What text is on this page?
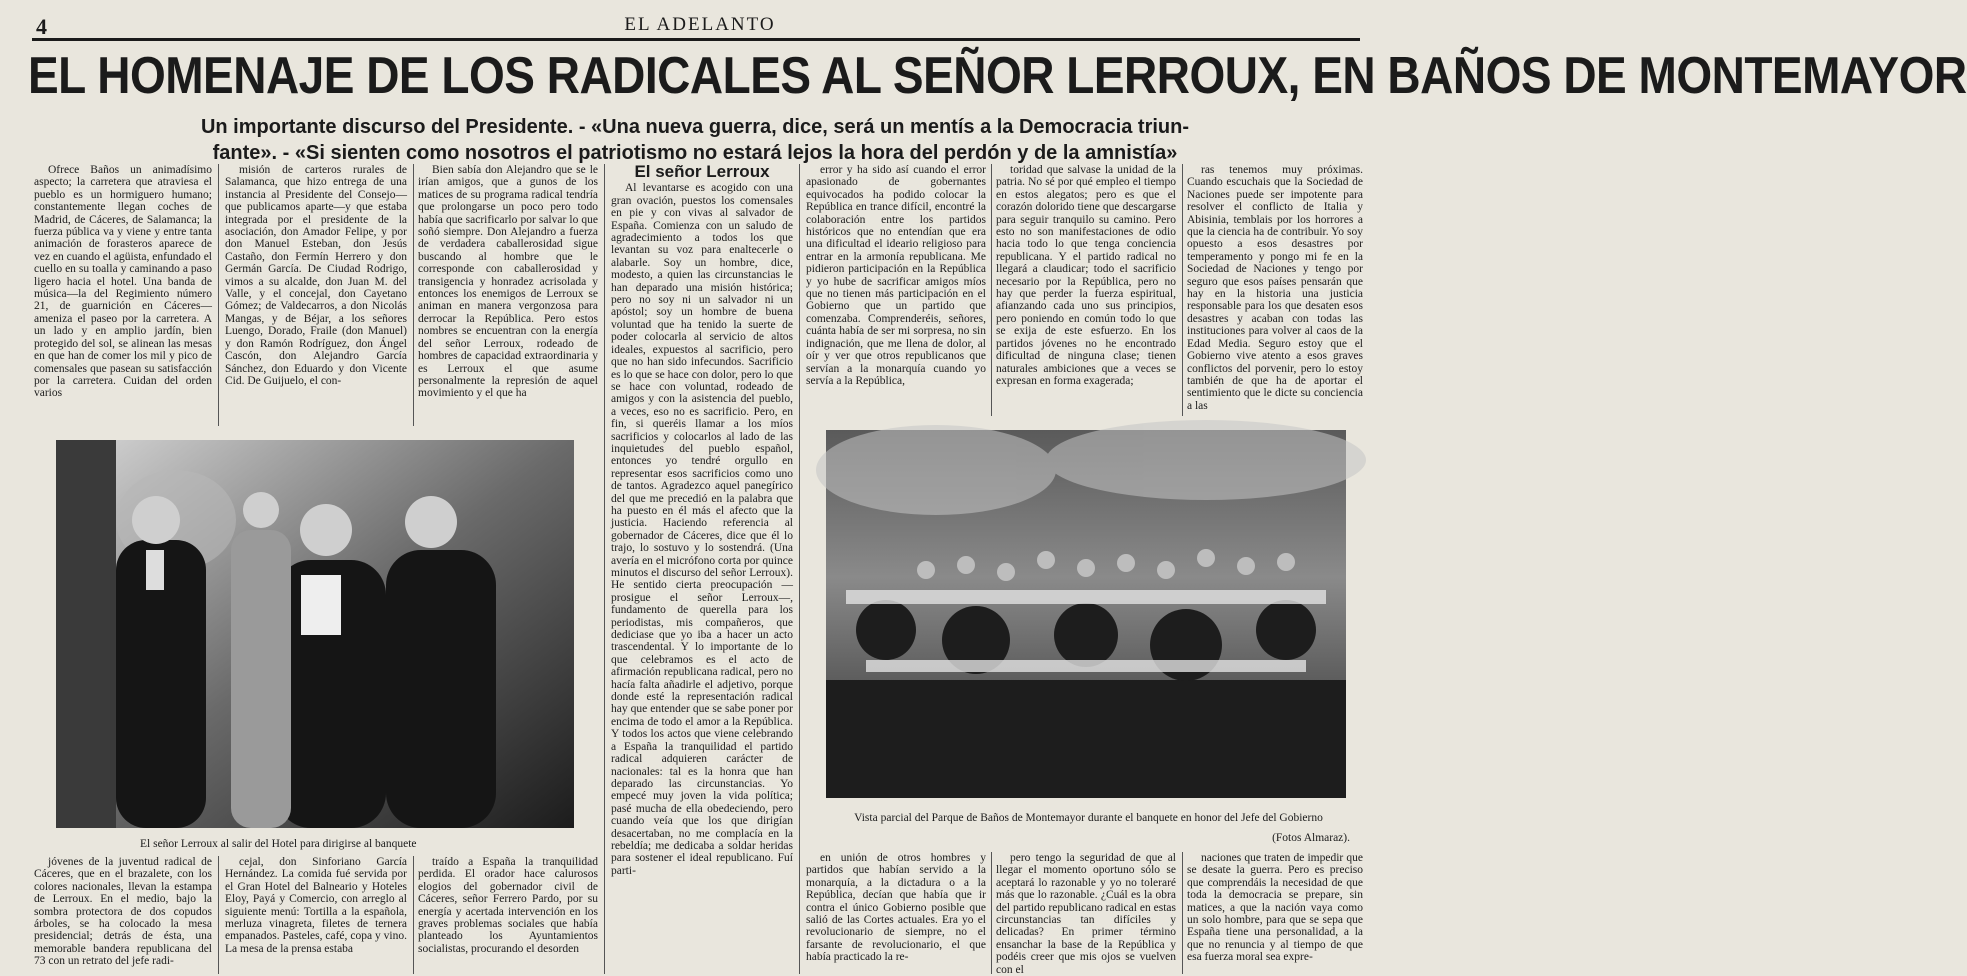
4	EL ADELANTO
EL HOMENAJE DE LOS RADICALES AL SEÑOR LERROUX, EN BAÑOS DE MONTEMAYOR
Un importante discurso del Presidente. - «Una nueva guerra, dice, será un mentís a la Democracia triun-
fante». - «Si sienten como nosotros el patriotismo no estará lejos la hora del perdón y de la amnistía»

Ofrece Baños un animadísimo aspecto; la carretera que atraviesa el pueblo es un hormiguero humano; constantemente llegan coches de Madrid, de Cáceres, de Salamanca; la fuerza pública va y viene y entre tanta animación de forasteros aparece de vez en cuando el agüista, enfundado el cuello en su toalla y caminando a paso ligero hacia el hotel. Una banda de música—la del Regimiento número 21, de guarnición en Cáceres—ameniza el paseo por la carretera. A un lado y en amplio jardín, bien protegido del sol, se alinean las mesas en que han de comer los mil y pico de comensales que pasean su satisfacción por la carretera. Cuidan del orden varios

misión de carteros rurales de Salamanca, que hizo entrega de una instancia al Presidente del Consejo—que publicamos aparte—y que estaba integrada por el presidente de la asociación, don Amador Felipe, y por don Manuel Esteban, don Jesús Castaño, don Fermín Herrero y don Germán García. De Ciudad Rodrigo, vimos a su alcalde, don Juan M. del Valle, y el concejal, don Cayetano Gómez; de Valdecarros, a don Nicolás Mangas, y de Béjar, a los señores Luengo, Dorado, Fraile (don Manuel) y don Ramón Rodríguez, don Ángel Cascón, don Alejandro García Sánchez, don Eduardo y don Vicente Cid. De Guijuelo, el con-

Bien sabía don Alejandro que se le irían amigos, que a gunos de los matices de su programa radical tendría que prolongarse un poco pero todo había que sacrificarlo por salvar lo que soñó siempre. Don Alejandro a fuerza de verdadera caballerosidad sigue buscando al hombre que le corresponde con caballerosidad y transigencia y honradez acrisolada y entonces los enemigos de Lerroux se animan en manera vergonzosa para derrocar la República. Pero estos nombres se encuentran con la energía del señor Lerroux, rodeado de hombres de capacidad extraordinaria y es Lerroux el que asume personalmente la represión de aquel movimiento y el que ha

El señor Lerroux

Al levantarse es acogido con una gran ovación, puestos los comensales en pie y con vivas al salvador de España. Comienza con un saludo de agradecimiento a todos los que levantan su voz para enaltecerle o alabarle. Soy un hombre, dice, modesto, a quien las circunstancias le han deparado una misión histórica; pero no soy ni un salvador ni un apóstol; soy un hombre de buena voluntad que ha tenido la suerte de poder colocarla al servicio de altos ideales, expuestos al sacrificio, pero que no han sido infecundos. Sacrificio es lo que se hace con dolor, pero lo que se hace con voluntad, rodeado de amigos y con la asistencia del pueblo, a veces, eso no es sacrificio. Pero, en fin, si queréis llamar a los míos sacrificios y colocarlos al lado de las inquietudes del pueblo español, entonces yo tendré orgullo en representar esos sacrificios como uno de tantos. Agradezco aquel panegírico del que me precedió en la palabra que ha puesto en él más el afecto que la justicia. Haciendo referencia al gobernador de Cáceres, dice que él lo trajo, lo sostuvo y lo sostendrá. (Una avería en el micrófono corta por quince minutos el discurso del señor Lerroux). He sentido cierta preocupación —prosigue el señor Lerroux—, fundamento de querella para los periodistas, mis compañeros, que dediciase que yo iba a hacer un acto trascendental. Y lo importante de lo que celebramos es el acto de afirmación republicana radical, pero no hacía falta añadirle el adjetivo, porque donde esté la representación radical hay que entender que se sabe poner por encima de todo el amor a la República. Y todos los actos que viene celebrando a España la tranquilidad el partido radical adquieren carácter de nacionales: tal es la honra que han deparado las circunstancias. Yo empecé muy joven la vida política; pasé mucha de ella obedeciendo, pero cuando veía que los que dirigían desacertaban, no me complacía en la rebeldía; me dedicaba a soldar heridas para sostener el ideal republicano. Fuí parti-

error y ha sido así cuando el error apasionado de gobernantes equivocados ha podido colocar la República en trance difícil, encontré la colaboración entre los partidos históricos que no entendían que era una dificultad el ideario religioso para entrar en la armonía republicana. Me pidieron participación en la República y yo hube de sacrificar amigos míos que no tienen más participación en el Gobierno que un partido que comenzaba. Comprenderéis, señores, cuánta había de ser mi sorpresa, no sin indignación, que me llena de dolor, al oír y ver que otros republicanos que servían a la monarquía cuando yo servía a la República,

toridad que salvase la unidad de la patria. No sé por qué empleo el tiempo en estos alegatos; pero es que el corazón dolorido tiene que descargarse para seguir tranquilo su camino. Pero esto no son manifestaciones de odio hacia todo lo que tenga conciencia republicana. Y el partido radical no llegará a claudicar; todo el sacrificio necesario por la República, pero no hay que perder la fuerza espiritual, afianzando cada uno sus principios, pero poniendo en común todo lo que se exija de este esfuerzo. En los partidos jóvenes no he encontrado dificultad de ninguna clase; tienen naturales ambiciones que a veces se expresan en forma exagerada;

ras tenemos muy próximas. Cuando escuchais que la Sociedad de Naciones puede ser impotente para resolver el conflicto de Italia y Abisinia, temblais por los horrores a que la ciencia ha de contribuir. Yo soy opuesto a esos desastres por temperamento y pongo mi fe en la Sociedad de Naciones y tengo por seguro que esos países pensarán que hay en la historia una justicia responsable para los que desaten esos desastres y acaban con todas las instituciones para volver al caos de la Edad Media. Seguro estoy que el Gobierno vive atento a esos graves conflictos del porvenir, pero lo estoy también de que ha de aportar el sentimiento que le dicte su conciencia a las

El señor Lerroux al salir del Hotel para dirigirse al banquete
Vista parcial del Parque de Baños de Montemayor durante el banquete en honor del Jefe del Gobierno
(Fotos Almaraz).

jóvenes de la juventud radical de Cáceres, que en el brazalete, con los colores nacionales, llevan la estampa de Lerroux. En el medio, bajo la sombra protectora de dos copudos árboles, se ha colocado la mesa presidencial; detrás de ésta, una memorable bandera republicana del 73 con un retrato del jefe radi-

cejal, don Sinforiano García Hernández. La comida fué servida por el Gran Hotel del Balneario y Hoteles Eloy, Payá y Comercio, con arreglo al siguiente menú: Tortilla a la española, merluza vinagreta, filetes de ternera empanados. Pasteles, café, copa y vino. La mesa de la prensa estaba

traído a España la tranquilidad perdida. El orador hace calurosos elogios del gobernador civil de Cáceres, señor Ferrero Pardo, por su energía y acertada intervención en los graves problemas sociales que había planteado los Ayuntamientos socialistas, procurando el desorden

en unión de otros hombres y partidos que habían servido a la monarquía, a la dictadura o a la República, decían que había que ir contra el único Gobierno posible que salió de las Cortes actuales. Era yo el revolucionario de siempre, no el farsante de revolucionario, el que había practicado la re-

pero tengo la seguridad de que al llegar el momento oportuno sólo se aceptará lo razonable y yo no toleraré más que lo razonable. ¿Cuál es la obra del partido republicano radical en estas circunstancias tan difíciles y delicadas? En primer término ensanchar la base de la República y podéis creer que mis ojos se vuelven con el

naciones que traten de impedir que se desate la guerra. Pero es preciso que comprendáis la necesidad de que toda la democracia se prepare, sin matices, a que la nación vaya como un solo hombre, para que se sepa que España tiene una personalidad, a la que no renuncia y al tiempo de que esa fuerza moral sea expre-
